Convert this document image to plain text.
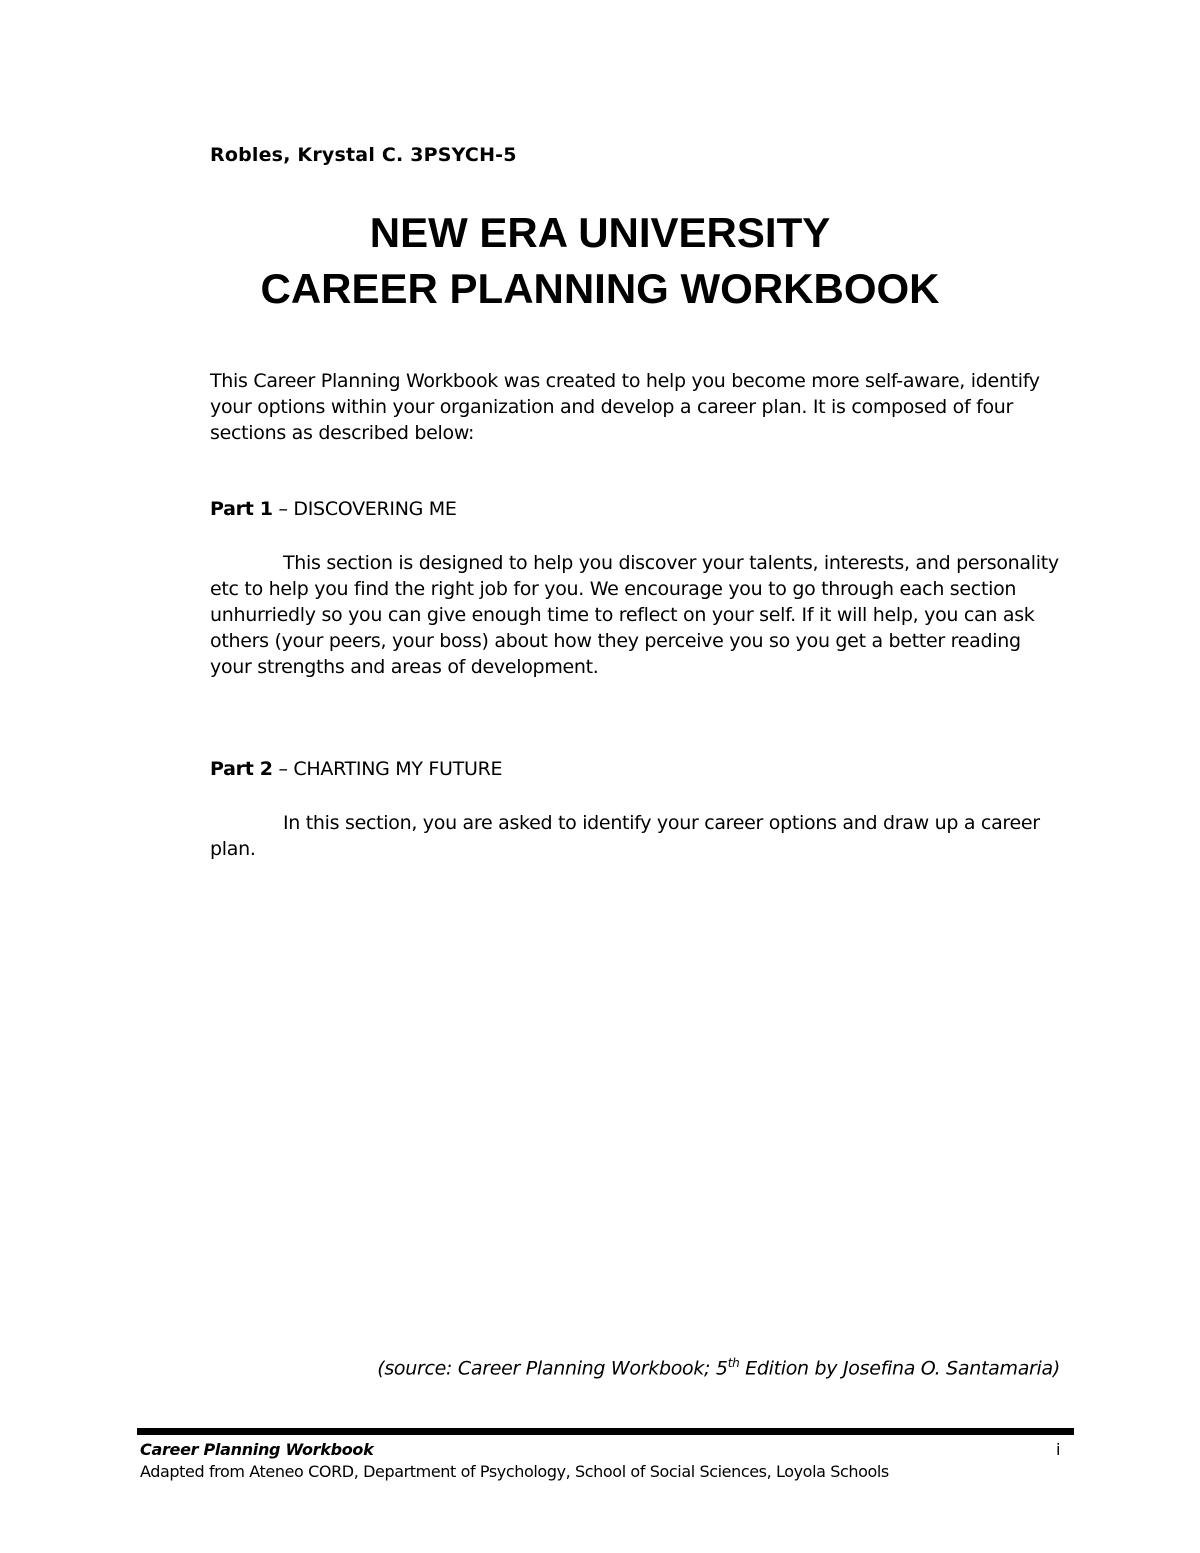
Robles, Krystal C. 3PSYCH-5
NEW ERA UNIVERSITY
CAREER PLANNING WORKBOOK
This Career Planning Workbook was created to help you become more self-aware, identify your options within your organization and develop a career plan. It is composed of four sections as described below:
Part 1 – DISCOVERING ME
This section is designed to help you discover your talents, interests, and personality etc to help you find the right job for you. We encourage you to go through each section unhurriedly so you can give enough time to reflect on your self. If it will help, you can ask others (your peers, your boss) about how they perceive you so you get a better reading your strengths and areas of development.
Part 2 – CHARTING MY FUTURE
In this section, you are asked to identify your career options and draw up a career plan.
(source: Career Planning Workbook; 5th Edition by Josefina O. Santamaria)
Career Planning Workbook	i
Adapted from Ateneo CORD, Department of Psychology, School of Social Sciences, Loyola Schools
